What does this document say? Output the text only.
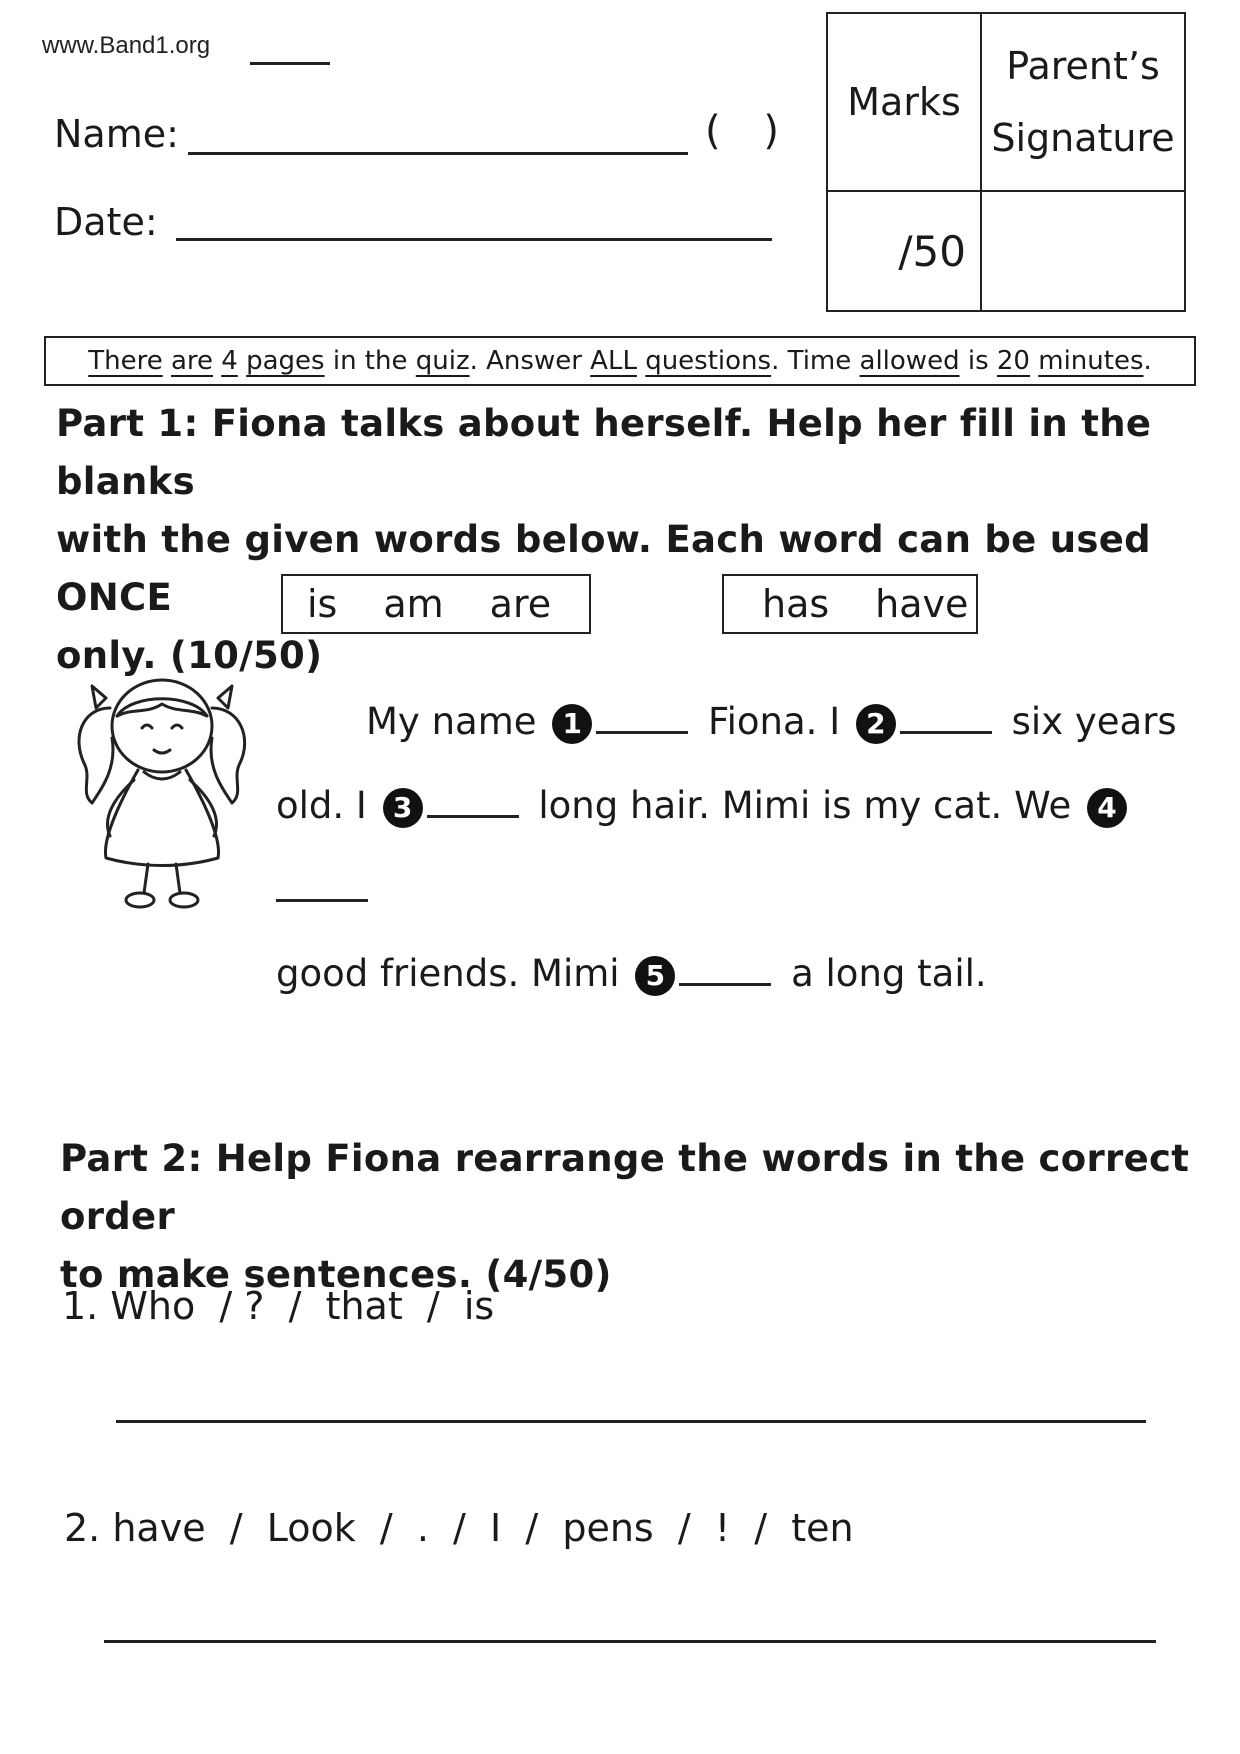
www.Band1.org
Name:	( )
Date:
Marks	Parent’s
Signature

/50	
There are 4 pages in the quiz. Answer ALL questions. Time allowed is 20 minutes.
Part 1: Fiona talks about herself. Help her fill in the blanks
with the given words below. Each word can be used ONCE
only. (10/50)
is am are	has have
My name 1	Fiona. I 2	six years
old. I 3	long hair. Mimi is my cat. We 4
good friends. Mimi 5	a long tail.
Part 2: Help Fiona rearrange the words in the correct order
to make sentences. (4/50)
1. Who  / ?  /  that  /  is
2. have  /  Look  /  .  /  I  /  pens  /  !  /  ten
